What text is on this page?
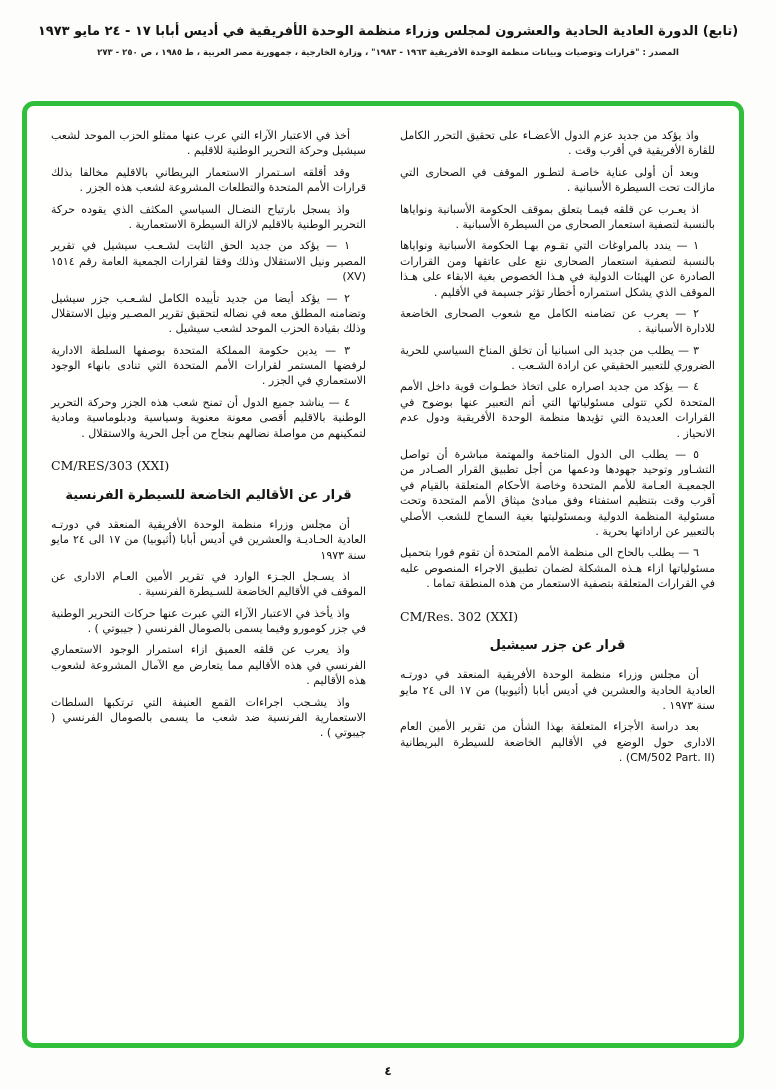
(تابع) الدورة العادية الحادية والعشرون لمجلس وزراء منظمة الوحدة الأفريقية في أديس أبابا ١٧ - ٢٤ مايو ١٩٧٣
المصدر : "قرارات وتوصيات وبيانات منظمة الوحدة الأفريقية ١٩٦٣ - ١٩٨٣" ، وزارة الخارجية ، جمهورية مصر العربية ، ط ١٩٨٥ ، ص ٢٥٠ - ٢٧٣

واذ يؤكد من جديد عزم الدول الأعضـاء على تحقيق التحرر الكامل للقارة الأفريقية في أقرب وقت .

وبعد أن أولى عناية خاصـة لتطـور الموقف في الصحارى التي مازالت تحت السيطرة الأسبانية .

اذ يعـرب عن قلقه فيمـا يتعلق بموقف الحكومة الأسبانية ونواياها بالنسبة لتصفية استعمار الصحارى من السيطرة الأسبانية .

١ — يندد بالمراوغات التي تقـوم بهـا الحكومة الأسبانية ونواياها بالنسبة لتصفية استعمار الصحارى نتع على عاتقها ومن القرارات الصادرة عن الهيئات الدولية في هـذا الخصوص بغية الابقاء على هـذا الموقف الذي يشكل استمراره أخطار تؤثر جسيمة في الأقليم .

٢ — يعرب عن تضامنه الكامل مع شعوب الصحارى الخاضعة للادارة الأسبانية .

٣ — يطلب من جديد الى اسبانيا أن تخلق المناخ السياسي للحرية الضروري للتعبير الحقيقي عن ارادة الشـعب .

٤ — يؤكد من جديد اصراره على اتخاذ خطـوات قوية داخل الأمم المتحدة لكي تتولى مسئولياتها التي أتم التعبير عنها بوضوح في القرارات العديدة التي تؤيدها منظمة الوحدة الأفريقية ودول عدم الانحياز .

٥ — يطلب الى الدول المتاخمة والمهتمة مباشرة أن تواصل التشـاور وتوحيد جهودها ودعمها من أجل تطبيق القرار الصـادر من الجمعيـة العـامة للأمم المتحدة وخاصة الأحكام المتعلقة بالقيام في أقرب وقت بتنظيم استفتاء وفق مبادئ ميثاق الأمم المتحدة وتحت مسئولية المنظمة الدولية وبمسئوليتها بغية السماح للشعب الأصلي بالتعبير عن اراداتها بحرية .

٦ — يطلب بالحاح الى منظمة الأمم المتحدة أن تقوم فورا بتحميل مسئولياتها ازاء هـذه المشكلة لضمان تطبيق الاجراء المنصوص عليه في القرارات المتعلقة بتصفية الاستعمار من هذه المنطقة تماما .

CM/Res. 302 (XXI)
قرار عن جزر سيشيل

أن مجلس وزراء منظمة الوحدة الأفريقية المنعقد في دورتـه العادية الحادية والعشرين في أديس أبابا (أثيوبيا) من ١٧ الى ٢٤ مايو سنة ١٩٧٣ .

بعد دراسة الأجزاء المتعلقة بهذا الشأن من تقرير الأمين العام الادارى حول الوضع في الأقاليم الخاضعة للسيطرة البريطانية (CM/502 Part. II) .

أخذ في الاعتبار الآراء التي عرب عنها ممثلو الحزب الموحد لشعب سيشيل وحركة التحرير الوطنية للاقليم .

وقد أقلقه اسـتمرار الاستعمار البريطاني بالاقليم مخالفا بذلك قرارات الأمم المتحدة والتطلعات المشروعة لشعب هذه الجزر .

واذ يسجل بارتياح النضـال السياسي المكثف الذي يقوده حركة التحرير الوطنية بالاقليم لازالة السيطرة الاستعمارية .

١ — يؤكد من جديد الحق الثابت لشـعـب سيشيل في تقرير المصير ونيل الاستقلال وذلك وفقا لقرارات الجمعية العامة رقم ١٥١٤ (XV)

٢ — يؤكد أيضا من جديد تأييده الكامل لشـعـب جزر سيشيل وتضامنه المطلق معه في نضاله لتحقيق تقرير المصـير ونيل الاستقلال وذلك بقيادة الحزب الموحد لشعب سيشيل .

٣ — يدين حكومة المملكة المتحدة بوصفها السلطة الادارية لرفضها المستمر لقرارات الأمم المتحدة التي تنادى بانهاء الوجود الاستعماري في الجزر .

٤ — يناشد جميع الدول أن تمنح شعب هذه الجزر وحركة التحرير الوطنية بالاقليم أقصى معونة معنوية وسياسية ودبلوماسية ومادية لتمكينهم من مواصلة نضالهم بنجاح من أجل الحرية والاستقلال .

CM/RES/303 (XXI)
قرار عن الأقاليم الخاضعة للسيطرة الفرنسية

أن مجلس وزراء منظمة الوحدة الأفريقية المنعقد في دورتـه العادية الحـاديـة والعشرين في أديس أبابا (أثيوبيا) من ١٧ الى ٢٤ مايو سنة ١٩٧٣

اذ يسـجل الجـزء الوارد في تقرير الأمين العـام الادارى عن الموقف في الأقاليم الخاضعة للسـيطرة الفرنسية .

واذ يأخذ في الاعتبار الآراء التي عبرت عنها حركات التحرير الوطنية في جزر كومورو وفيما يسمى بالصومال الفرنسي ( جيبوتي ) .

واذ يعرب عن قلقه العميق ازاء استمرار الوجود الاستعماري الفرنسي في هذه الأقاليم مما يتعارض مع الآمال المشروعة لشعوب هذه الأقاليم .

واذ يشـجب اجراءات القمع العنيفة التي ترتكبها السلطات الاستعمارية الفرنسية ضد شعب ما يسمى بالصومال الفرنسي ( جيبوتي ) .

٤
